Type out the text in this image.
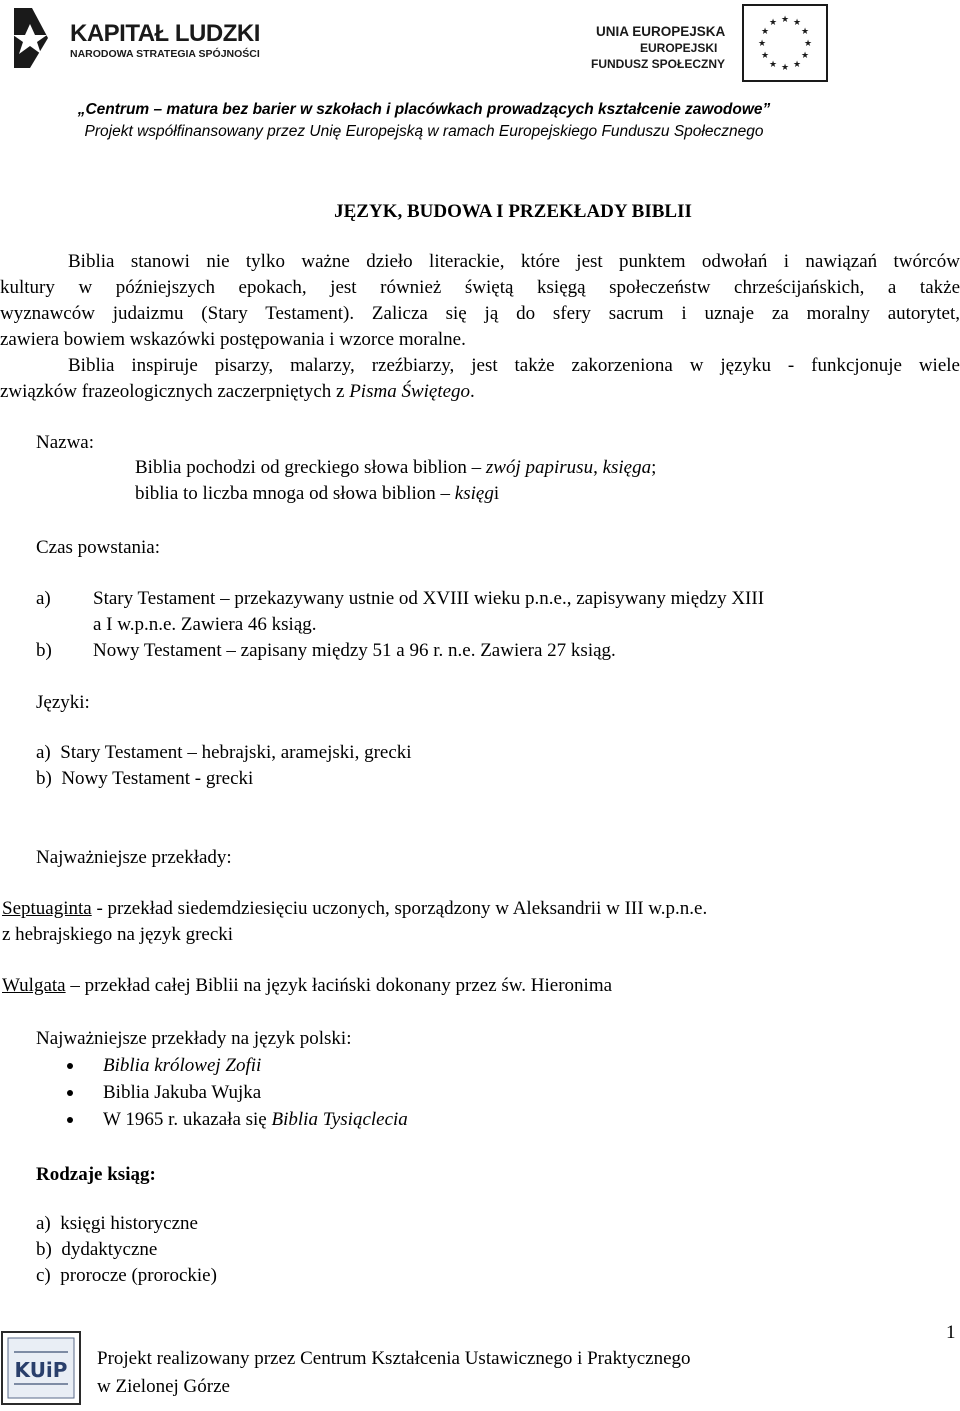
KAPITAŁ LUDZKI
NARODOWA STRATEGIA SPÓJNOŚCI
UNIA EUROPEJSKA
EUROPEJSKI
FUNDUSZ SPOŁECZNY
★ ★
★
★
★
★
★
★
★
★
★
★
„Centrum – matura bez barier w szkołach i placówkach prowadzących kształcenie zawodowe”
Projekt współfinansowany przez Unię Europejską w ramach Europejskiego Funduszu Społecznego
JĘZYK, BUDOWA I PRZEKŁADY BIBLII
Biblia stanowi nie tylko ważne dzieło literackie, które jest punktem odwołań i nawiązań twórców
kultury w późniejszych epokach, jest również świętą księgą społeczeństw chrześcijańskich, a także
wyznawców judaizmu (Stary Testament). Zalicza się ją do sfery sacrum i uznaje za moralny autorytet,
zawiera bowiem wskazówki postępowania i wzorce moralne.
Biblia inspiruje pisarzy, malarzy, rzeźbiarzy, jest także zakorzeniona w języku - funkcjonuje wiele
związków frazeologicznych zaczerpniętych z Pisma Świętego.
Nazwa:
Biblia pochodzi od greckiego słowa biblion – zwój papirusu, księga;
biblia to liczba mnoga od słowa biblion – księgi
Czas powstania:
a) Stary Testament – przekazywany ustnie od XVIII wieku p.n.e., zapisywany między XIII
a I w.p.n.e. Zawiera 46 ksiąg.
b) Nowy Testament – zapisany między 51 a 96 r. n.e. Zawiera 27 ksiąg.
Języki:
a)  Stary Testament – hebrajski, aramejski, grecki
b)  Nowy Testament - grecki
Najważniejsze przekłady:
Septuaginta - przekład siedemdziesięciu uczonych, sporządzony w Aleksandrii w III w.p.n.e.
z hebrajskiego na język grecki
Wulgata – przekład całej Biblii na język łaciński dokonany przez św. Hieronima
Najważniejsze przekłady na język polski:
Biblia królowej Zofii
Biblia Jakuba Wujka
W 1965 r. ukazała się Biblia Tysiąclecia
Rodzaje ksiąg:
a)  księgi historyczne
b)  dydaktyczne
c)  prorocze (prorockie)
KUiP Projekt realizowany przez Centrum Kształcenia Ustawicznego i Praktycznego
w Zielonej Górze
1
